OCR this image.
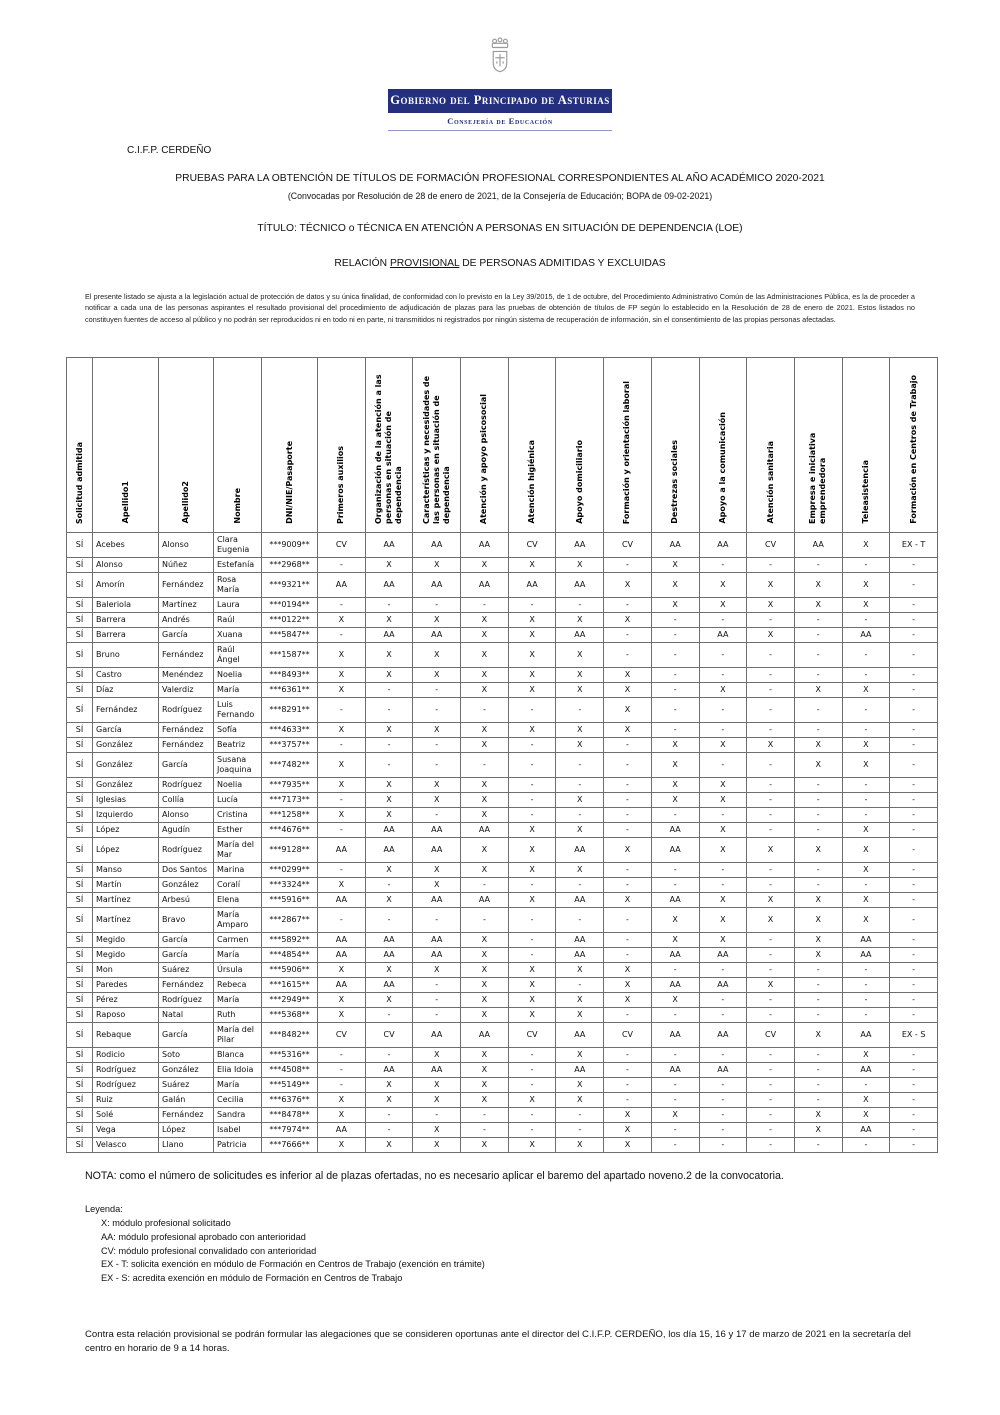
Gobierno del Principado de Asturias
Consejería de Educación
C.I.F.P. CERDEÑO
PRUEBAS PARA LA OBTENCIÓN DE TÍTULOS DE FORMACIÓN PROFESIONAL CORRESPONDIENTES AL AÑO ACADÉMICO 2020-2021
(Convocadas por Resolución de 28 de enero de 2021, de la Consejería de Educación; BOPA de 09-02-2021)
TÍTULO: TÉCNICO o TÉCNICA EN ATENCIÓN A PERSONAS EN SITUACIÓN DE DEPENDENCIA (LOE)
RELACIÓN PROVISIONAL DE PERSONAS ADMITIDAS Y EXCLUIDAS

El presente listado se ajusta a la legislación actual de protección de datos y su única finalidad, de conformidad con lo previsto en la Ley 39/2015, de 1 de octubre, del Procedimiento Administrativo Común de las Administraciones Pública, es la de proceder a notificar a cada una de las personas aspirantes el resultado provisional del procedimiento de adjudicación de plazas para las pruebas de obtención de títulos de FP según lo establecido en la Resolución de 28 de enero de 2021. Estos listados no constituyen fuentes de acceso al público y no podrán ser reproducidos ni en todo ni en parte, ni transmitidos ni registrados por ningún sistema de recuperación de información, sin el consentimiento de las propias personas afectadas.

Solicitud admitida	Apellido1	Apellido2	Nombre	DNI/NIE/Pasaporte	Primeros auxilios	Organización de la atención a las personas en situación de dependencia	Características y necesidades de las personas en situación de dependencia	Atención y apoyo psicosocial	Atención higiénica	Apoyo domiciliario	Formación y orientación laboral	Destrezas sociales	Apoyo a la comunicación	Atención sanitaria	Empresa e iniciativa emprendedora	Teleasistencia	Formación en Centros de Trabajo
SÍ	Acebes	Alonso	Clara Eugenia	***9009**	CV	AA	AA	AA	CV	AA	CV	AA	AA	CV	AA	X	EX - T
SÍ	Alonso	Núñez	Estefanía	***2968**	-	X	X	X	X	X	-	X	-	-	-	-	-
SÍ	Amorín	Fernández	Rosa María	***9321**	AA	AA	AA	AA	AA	AA	X	X	X	X	X	X	-
SÍ	Baleriola	Martínez	Laura	***0194**	-	-	-	-	-	-	-	X	X	X	X	X	-
SÍ	Barrera	Andrés	Raúl	***0122**	X	X	X	X	X	X	X	-	-	-	-	-	-
SÍ	Barrera	García	Xuana	***5847**	-	AA	AA	X	X	AA	-	-	AA	X	-	AA	-
SÍ	Bruno	Fernández	Raúl Ángel	***1587**	X	X	X	X	X	X	-	-	-	-	-	-	-
SÍ	Castro	Menéndez	Noelia	***8493**	X	X	X	X	X	X	X	-	-	-	-	-	-
SÍ	Díaz	Valerdiz	María	***6361**	X	-	-	X	X	X	X	-	X	-	X	X	-
SÍ	Fernández	Rodríguez	Luis Fernando	***8291**	-	-	-	-	-	-	X	-	-	-	-	-	-
SÍ	García	Fernández	Sofía	***4633**	X	X	X	X	X	X	X	-	-	-	-	-	-
SÍ	González	Fernández	Beatriz	***3757**	-	-	-	X	-	X	-	X	X	X	X	X	-
SÍ	González	García	Susana Joaquina	***7482**	X	-	-	-	-	-	-	X	-	-	X	X	-
SÍ	González	Rodríguez	Noelia	***7935**	X	X	X	X	-	-	-	X	X	-	-	-	-
SÍ	Iglesias	Collía	Lucía	***7173**	-	X	X	X	-	X	-	X	X	-	-	-	-
SÍ	Izquierdo	Alonso	Cristina	***1258**	X	X	-	X	-	-	-	-	-	-	-	-	-
SÍ	López	Agudín	Esther	***4676**	-	AA	AA	AA	X	X	-	AA	X	-	-	X	-
SÍ	López	Rodríguez	María del Mar	***9128**	AA	AA	AA	X	X	AA	X	AA	X	X	X	X	-
SÍ	Manso	Dos Santos	Marina	***0299**	-	X	X	X	X	X	-	-	-	-	-	X	-
SÍ	Martín	González	Coralí	***3324**	X	-	X	-	-	-	-	-	-	-	-	-	-
SÍ	Martínez	Arbesú	Elena	***5916**	AA	X	AA	AA	X	AA	X	AA	X	X	X	X	-
SÍ	Martínez	Bravo	María Amparo	***2867**	-	-	-	-	-	-	-	X	X	X	X	X	-
SÍ	Megido	García	Carmen	***5892**	AA	AA	AA	X	-	AA	-	X	X	-	X	AA	-
SÍ	Megido	García	María	***4854**	AA	AA	AA	X	-	AA	-	AA	AA	-	X	AA	-
SÍ	Mon	Suárez	Úrsula	***5906**	X	X	X	X	X	X	X	-	-	-	-	-	-
SÍ	Paredes	Fernández	Rebeca	***1615**	AA	AA	-	X	X	-	X	AA	AA	X	-	-	-
SÍ	Pérez	Rodríguez	María	***2949**	X	X	-	X	X	X	X	X	-	-	-	-	-
SÍ	Raposo	Natal	Ruth	***5368**	X	-	-	X	X	X	-	-	-	-	-	-	-
SÍ	Rebaque	García	María del Pilar	***8482**	CV	CV	AA	AA	CV	AA	CV	AA	AA	CV	X	AA	EX - S
SÍ	Rodicio	Soto	Blanca	***5316**	-	-	X	X	-	X	-	-	-	-	-	X	-
SÍ	Rodríguez	González	Elia Idoia	***4508**	-	AA	AA	X	-	AA	-	AA	AA	-	-	AA	-
SÍ	Rodríguez	Suárez	María	***5149**	-	X	X	X	-	X	-	-	-	-	-	-	-
SÍ	Ruiz	Galán	Cecilia	***6376**	X	X	X	X	X	X	-	-	-	-	-	X	-
SÍ	Solé	Fernández	Sandra	***8478**	X	-	-	-	-	-	X	X	-	-	X	X	-
SÍ	Vega	López	Isabel	***7974**	AA	-	X	-	-	-	X	-	-	-	X	AA	-
SÍ	Velasco	Llano	Patricia	***7666**	X	X	X	X	X	X	X	-	-	-	-	-	-

NOTA: como el número de solicitudes es inferior al de plazas ofertadas, no es necesario aplicar el baremo del apartado noveno.2 de la convocatoria.

Leyenda:
X: módulo profesional solicitado
AA: módulo profesional aprobado con anterioridad
CV: módulo profesional convalidado con anterioridad
EX - T: solicita exención en módulo de Formación en Centros de Trabajo (exención en trámite)
EX - S: acredita exención en módulo de Formación en Centros de Trabajo

Contra esta relación provisional se podrán formular las alegaciones que se consideren oportunas ante el director del C.I.F.P. CERDEÑO, los día 15, 16 y 17 de marzo de 2021 en la secretaría del centro en horario de 9 a 14 horas.
